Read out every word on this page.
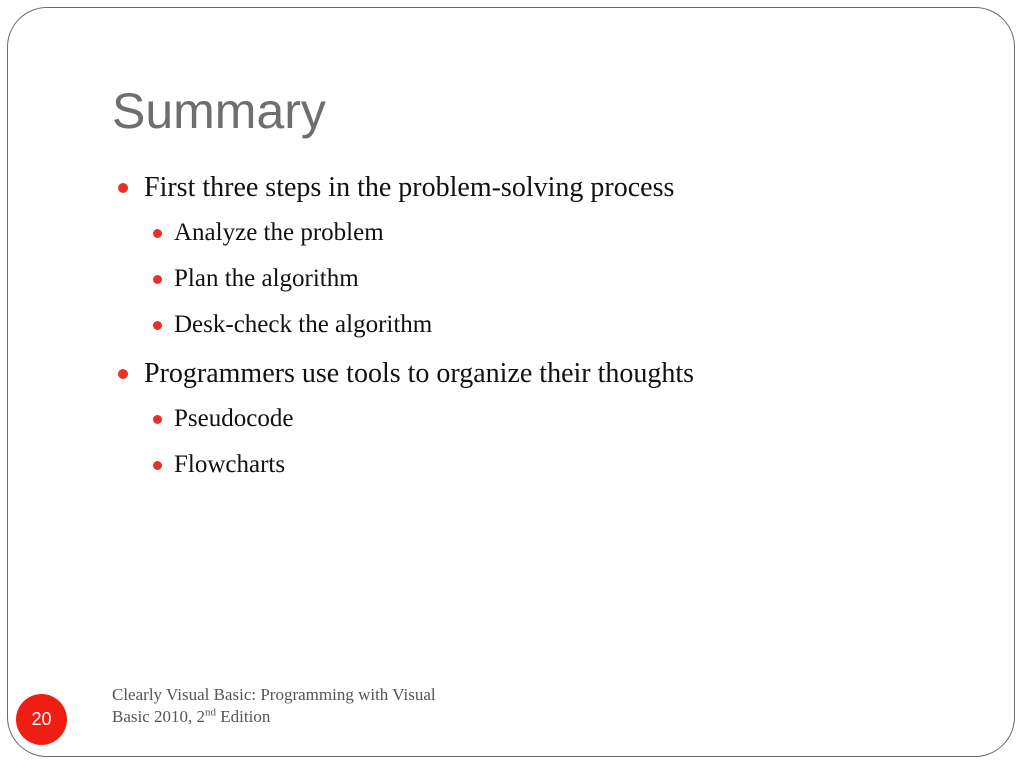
Summary
First three steps in the problem-solving process
Analyze the problem
Plan the algorithm
Desk-check the algorithm
Programmers use tools to organize their thoughts
Pseudocode
Flowcharts
20
Clearly Visual Basic: Programming with Visual
Basic 2010, 2nd Edition
